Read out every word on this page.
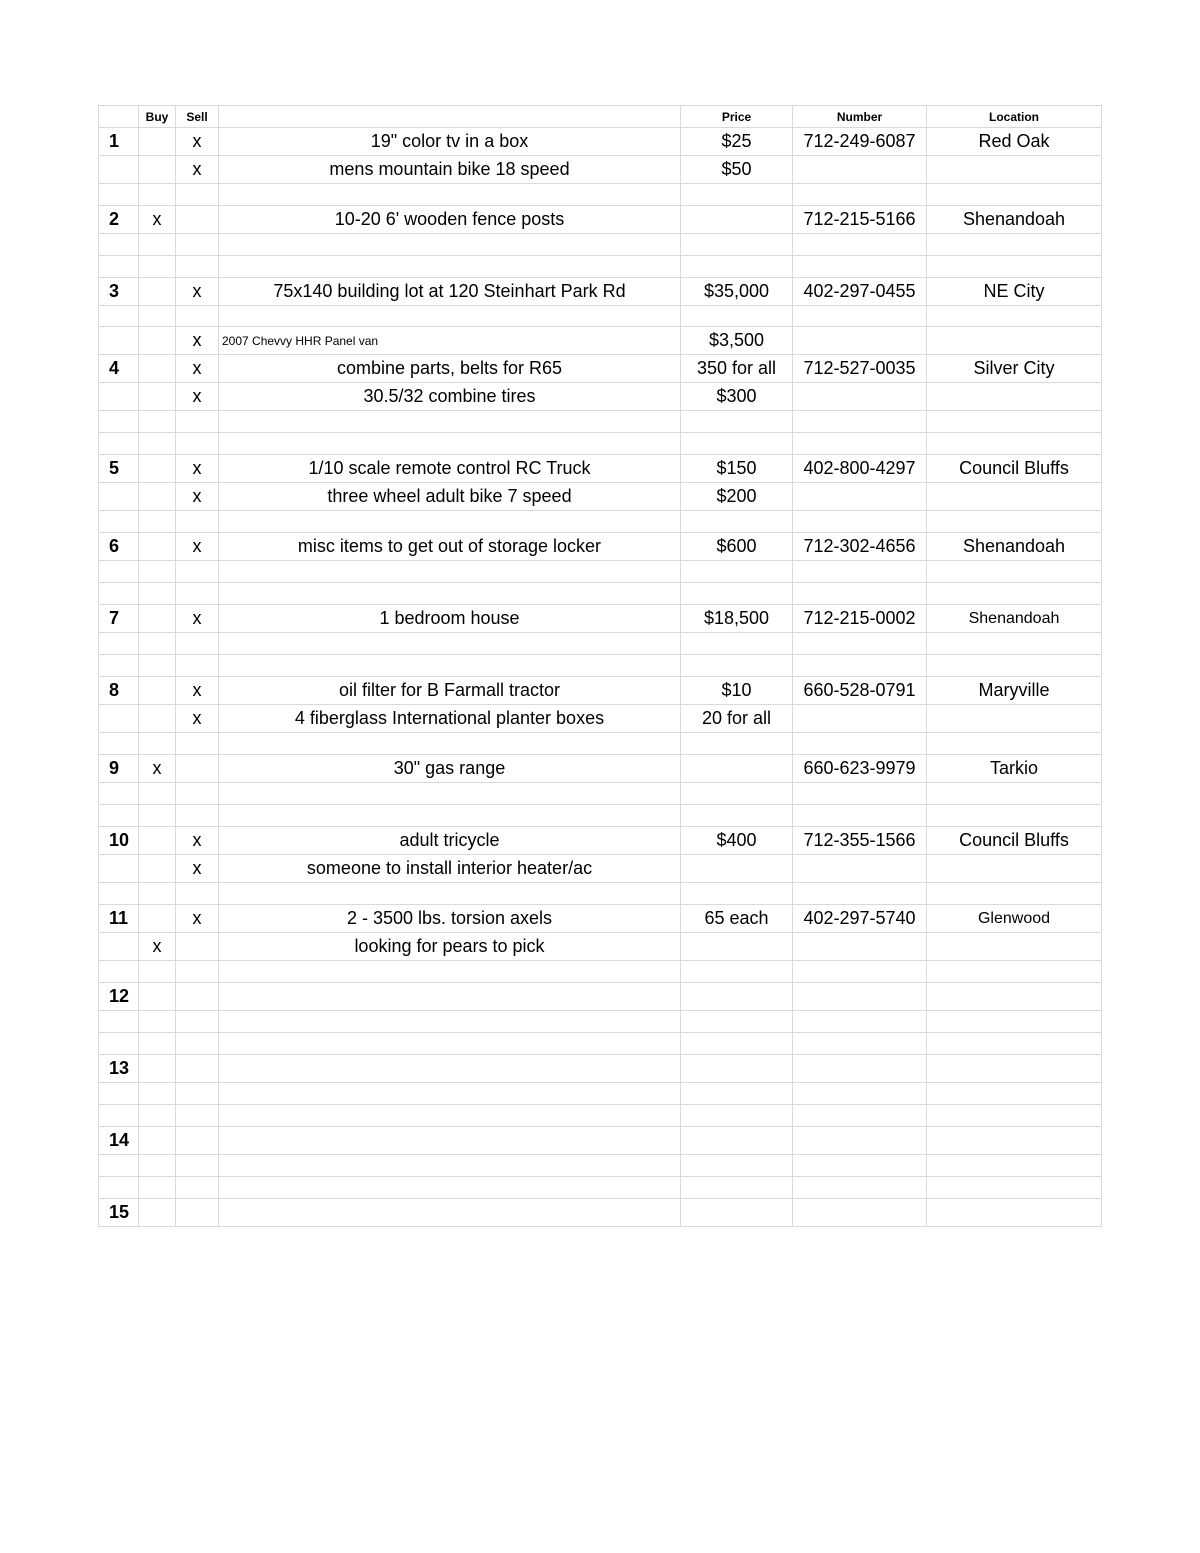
	Buy	Sell		Price	Number	Location
1		x	19" color tv in a box	$25	712-249-6087	Red Oak
		x	mens mountain bike 18 speed	$50		

2	x		10-20 6' wooden fence posts		712-215-5166	Shenandoah

3		x	75x140 building lot at 120 Steinhart Park Rd	$35,000	402-297-0455	NE City

		x	2007 Chevvy HHR Panel van	$3,500		
4		x	combine parts, belts for R65	350 for all	712-527-0035	Silver City
		x	30.5/32 combine tires	$300		

5		x	1/10 scale remote control RC Truck	$150	402-800-4297	Council Bluffs
		x	three wheel adult bike 7 speed	$200		

6		x	misc items to get out of storage locker	$600	712-302-4656	Shenandoah

7		x	1 bedroom house	$18,500	712-215-0002	Shenandoah

8		x	oil filter for B Farmall tractor	$10	660-528-0791	Maryville
		x	4 fiberglass International planter boxes	20 for all		

9	x		30" gas range		660-623-9979	Tarkio

10		x	adult tricycle	$400	712-355-1566	Council Bluffs
		x	someone to install interior heater/ac			

11		x	2 - 3500 lbs. torsion axels	65 each	402-297-5740	Glenwood
	x		looking for pears to pick			

12						

13						

14						

15						
